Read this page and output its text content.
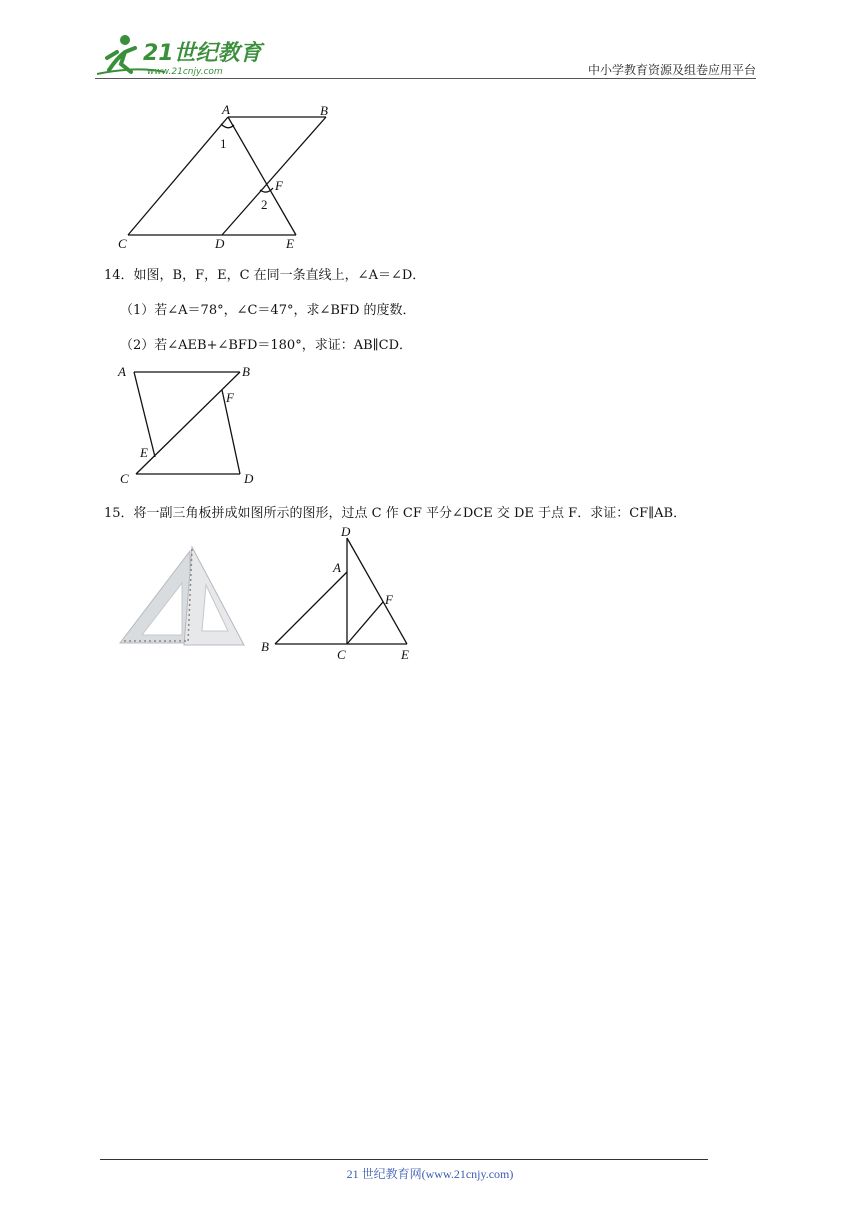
21世纪教育
www.21cnjy.com	中小学教育资源及组卷应用平台
A	B
C	D	E
F
1
2
14．如图，B，F，E，C 在同一条直线上，∠A＝∠D．
（1）若∠A＝78°，∠C＝47°，求∠BFD 的度数．
（2）若∠AEB+∠BFD＝180°，求证：AB∥CD．
A	B
C	D
E
F
15．将一副三角板拼成如图所示的图形，过点 C 作 CF 平分∠DCE 交 DE 于点 F．求证：CF∥AB．
D
A
F
B
C	E
21 世纪教育网(www.21cnjy.com)
